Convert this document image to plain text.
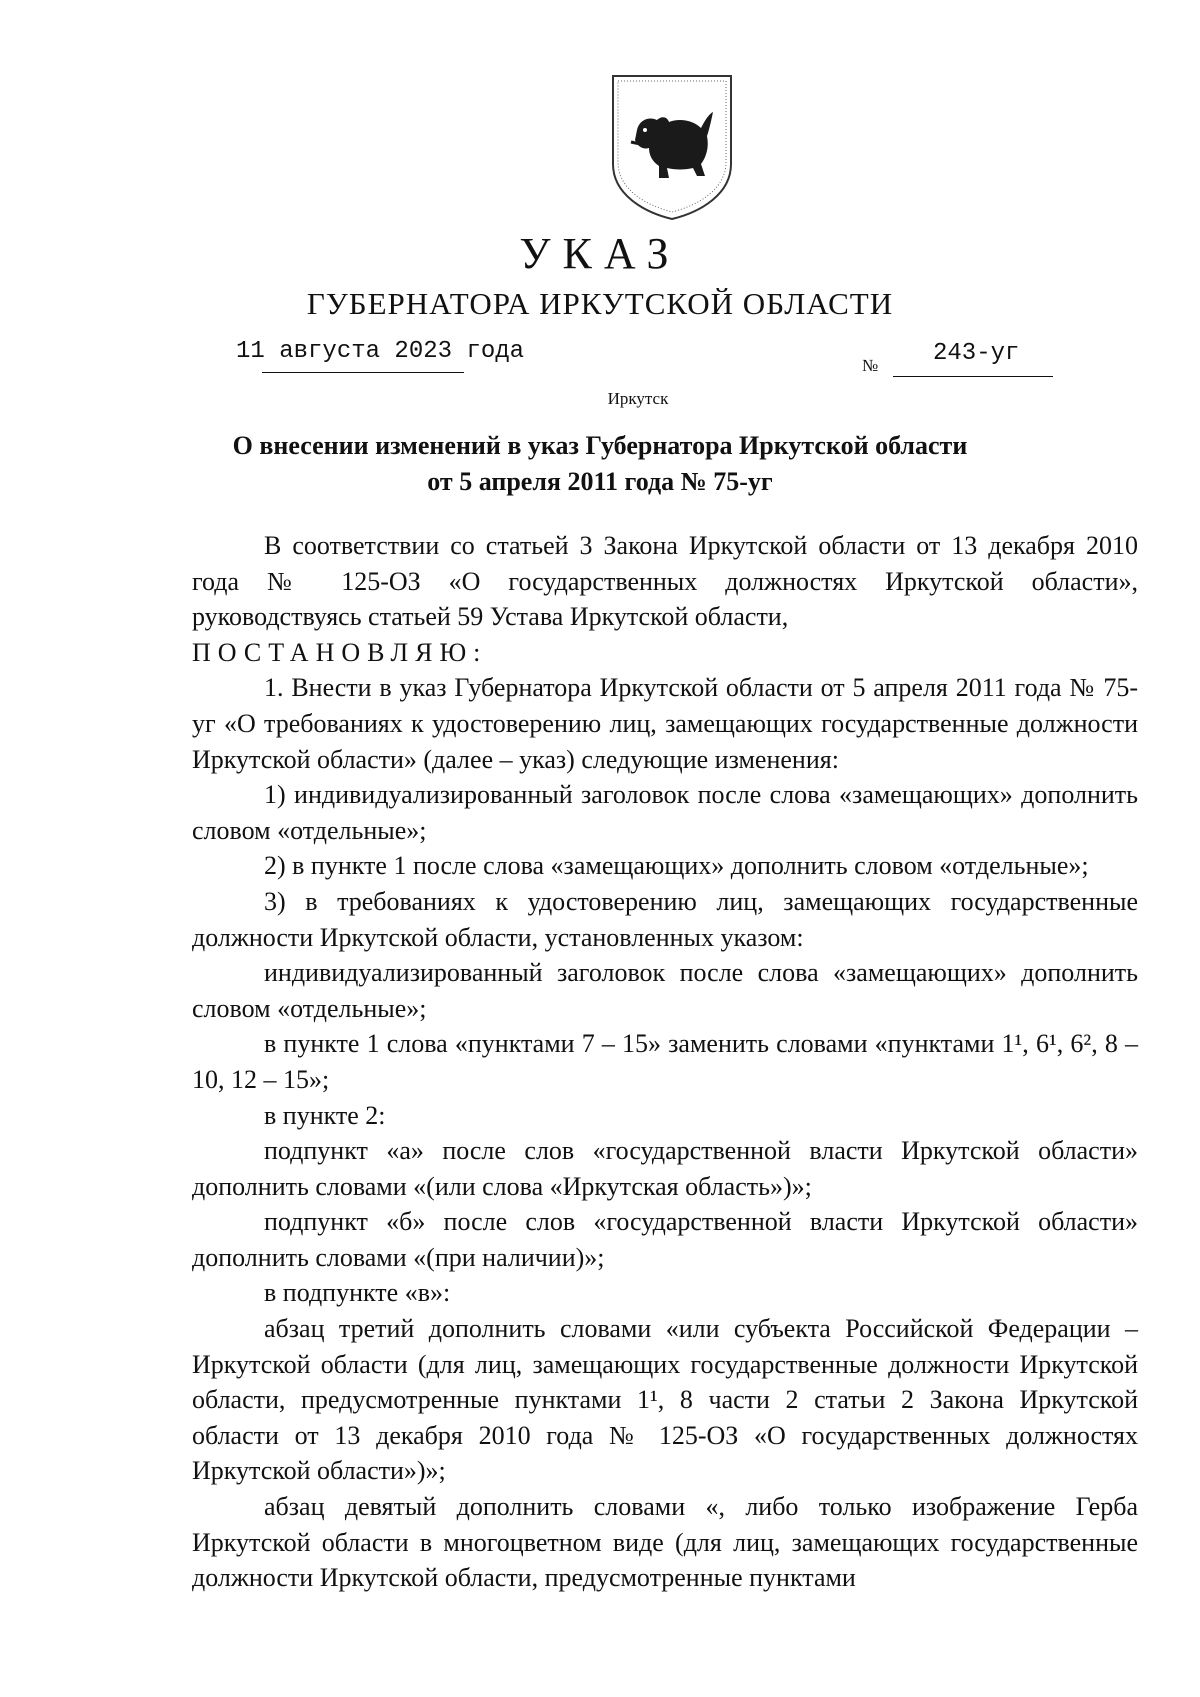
УКАЗ
ГУБЕРНАТОРА ИРКУТСКОЙ ОБЛАСТИ
11 августа 2023 года
№ 243-уг
Иркутск
О внесении изменений в указ Губернатора Иркутской области
от 5 апреля 2011 года № 75-уг

В соответствии со статьей 3 Закона Иркутской области от 13 декабря 2010 года № 125-ОЗ «О государственных должностях Иркутской области», руководствуясь статьей 59 Устава Иркутской области,

ПОСТАНОВЛЯЮ:

1. Внести в указ Губернатора Иркутской области от 5 апреля 2011 года № 75-уг «О требованиях к удостоверению лиц, замещающих государственные должности Иркутской области» (далее – указ) следующие изменения:

1) индивидуализированный заголовок после слова «замещающих» дополнить словом «отдельные»;

2) в пункте 1 после слова «замещающих» дополнить словом «отдельные»;

3) в требованиях к удостоверению лиц, замещающих государственные должности Иркутской области, установленных указом:

индивидуализированный заголовок после слова «замещающих» дополнить словом «отдельные»;

в пункте 1 слова «пунктами 7 – 15» заменить словами «пунктами 1¹, 6¹, 6², 8 – 10, 12 – 15»;

в пункте 2:

подпункт «а» после слов «государственной власти Иркутской области» дополнить словами «(или слова «Иркутская область»)»;

подпункт «б» после слов «государственной власти Иркутской области» дополнить словами «(при наличии)»;

в подпункте «в»:

абзац третий дополнить словами «или субъекта Российской Федерации – Иркутской области (для лиц, замещающих государственные должности Иркутской области, предусмотренные пунктами 1¹, 8 части 2 статьи 2 Закона Иркутской области от 13 декабря 2010 года № 125-ОЗ «О государственных должностях Иркутской области»)»;

абзац девятый дополнить словами «, либо только изображение Герба Иркутской области в многоцветном виде (для лиц, замещающих государственные должности Иркутской области, предусмотренные пунктами
